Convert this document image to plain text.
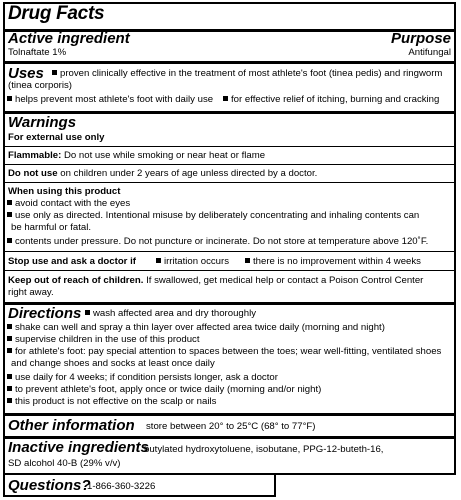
Drug Facts
Active ingredient	Purpose
Tolnaftate 1%	Antifungal
Uses	proven clinically effective in the treatment of most athlete's foot (tinea pedis) and ringworm
(tinea corporis)
helps prevent most athlete's foot with daily use	for effective relief of itching, burning and cracking
Warnings
For external use only
Flammable: Do not use while smoking or near heat or flame
Do not use on children under 2 years of age unless directed by a doctor.
When using this product
avoid contact with the eyes
use only as directed. Intentional misuse by deliberately concentrating and inhaling contents can be harmful or fatal.
contents under pressure. Do not puncture or incinerate. Do not store at temperature above 120˚F.
Stop use and ask a doctor if	irritation occurs	there is no improvement within 4 weeks
Keep out of reach of children. If swallowed, get medical help or contact a Poison Control Center
right away.
Directions	wash affected area and dry thoroughly
shake can well and spray a thin layer over affected area twice daily (morning and night)
supervise children in the use of this product
for athlete's foot: pay special attention to spaces between the toes; wear well-fitting, ventilated shoes and change shoes and socks at least once daily
use daily for 4 weeks; if condition persists longer, ask a doctor
to prevent athlete's foot, apply once or twice daily (morning and/or night)
this product is not effective on the scalp or nails
Other information store between 20° to 25°C (68° to 77°F)
Inactive ingredients
butylated hydroxytoluene, isobutane, PPG-12-buteth-16,
SD alcohol 40-B (29% v/v)
Questions?
1-866-360-3226
